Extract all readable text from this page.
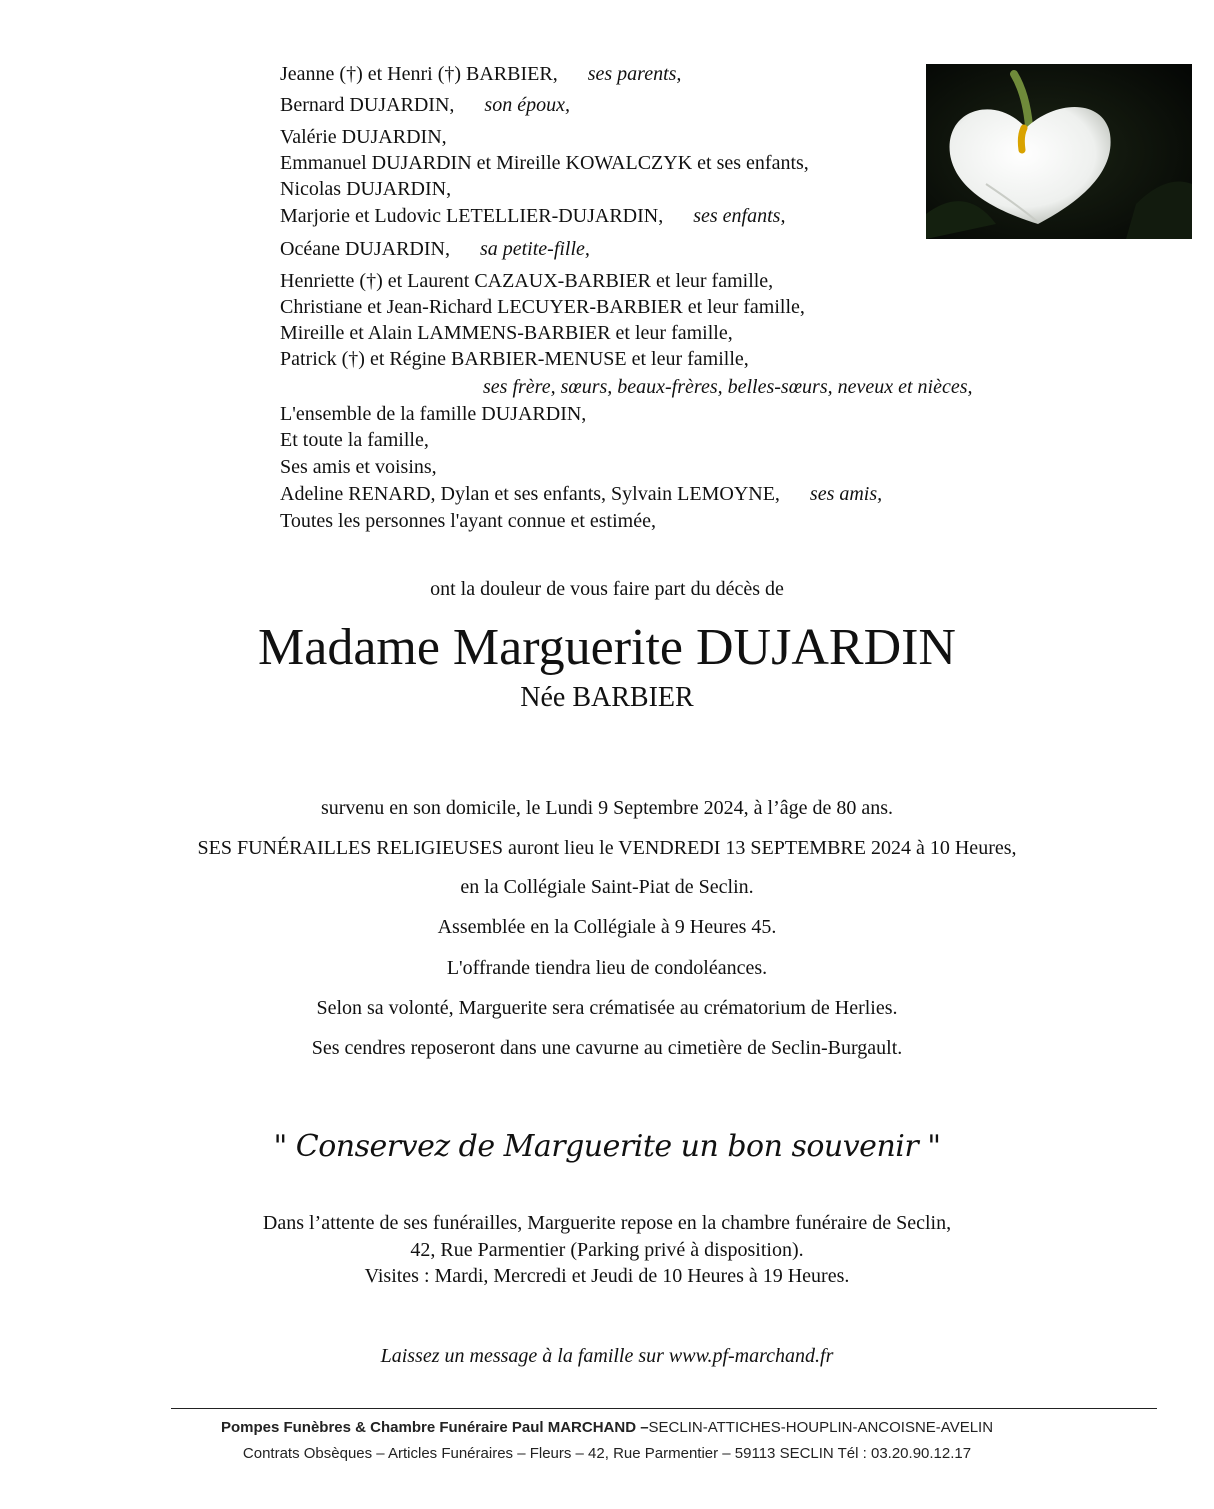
Jeanne (†) et Henri (†) BARBIER, ses parents,
Bernard DUJARDIN, son époux,
Valérie DUJARDIN,
Emmanuel DUJARDIN et Mireille KOWALCZYK et ses enfants,
Nicolas DUJARDIN,
Marjorie et Ludovic LETELLIER-DUJARDIN, ses enfants,
Océane DUJARDIN, sa petite-fille,
Henriette (†) et Laurent CAZAUX-BARBIER et leur famille,
Christiane et Jean-Richard LECUYER-BARBIER et leur famille,
Mireille et Alain LAMMENS-BARBIER et leur famille,
Patrick (†) et Régine BARBIER-MENUSE et leur famille,
ses frère, sœurs, beaux-frères, belles-sœurs, neveux et nièces,
L'ensemble de la famille DUJARDIN,
Et toute la famille,
Ses amis et voisins,
Adeline RENARD, Dylan et ses enfants, Sylvain LEMOYNE, ses amis,
Toutes les personnes l'ayant connue et estimée,
ont la douleur de vous faire part du décès de
Madame Marguerite DUJARDIN
Née BARBIER
survenu en son domicile, le Lundi 9 Septembre 2024, à l’âge de 80 ans.
SES FUNÉRAILLES RELIGIEUSES auront lieu le VENDREDI 13 SEPTEMBRE 2024 à 10 Heures,
en la Collégiale Saint-Piat de Seclin.
Assemblée en la Collégiale à 9 Heures 45.
L'offrande tiendra lieu de condoléances.
Selon sa volonté, Marguerite sera crématisée au crématorium de Herlies.
Ses cendres reposeront dans une cavurne au cimetière de Seclin-Burgault.
" Conservez de Marguerite un bon souvenir "
Dans l’attente de ses funérailles, Marguerite repose en la chambre funéraire de Seclin,
42, Rue Parmentier (Parking privé à disposition).
Visites : Mardi, Mercredi et Jeudi de 10 Heures à 19 Heures.
Laissez un message à la famille sur www.pf-marchand.fr
Pompes Funèbres & Chambre Funéraire Paul MARCHAND –SECLIN-ATTICHES-HOUPLIN-ANCOISNE-AVELIN
Contrats Obsèques – Articles Funéraires – Fleurs – 42, Rue Parmentier – 59113 SECLIN Tél : 03.20.90.12.17
